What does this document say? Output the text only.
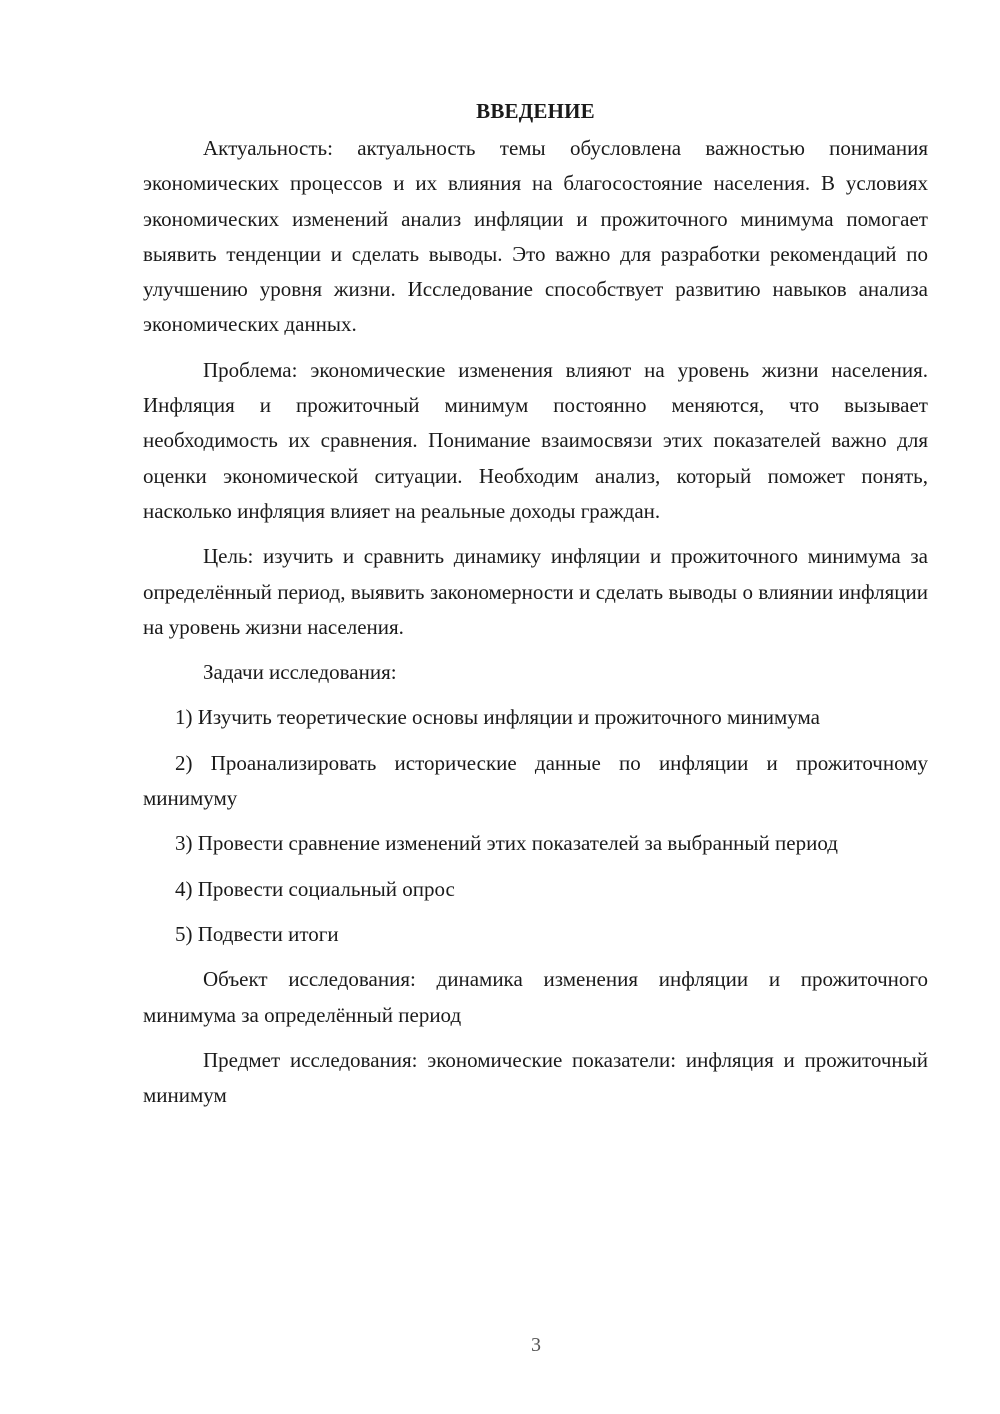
ВВЕДЕНИЕ

Актуальность: актуальность темы обусловлена важностью понимания экономических процессов и их влияния на благосостояние населения. В условиях экономических изменений анализ инфляции и прожиточного минимума помогает выявить тенденции и сделать выводы. Это важно для разработки рекомендаций по улучшению уровня жизни. Исследование способствует развитию навыков анализа экономических данных.

Проблема: экономические изменения влияют на уровень жизни населения. Инфляция и прожиточный минимум постоянно меняются, что вызывает необходимость их сравнения. Понимание взаимосвязи этих показателей важно для оценки экономической ситуации. Необходим анализ, который поможет понять, насколько инфляция влияет на реальные доходы граждан.

Цель: изучить и сравнить динамику инфляции и прожиточного минимума за определённый период, выявить закономерности и сделать выводы о влиянии инфляции на уровень жизни населения.

Задачи исследования:

1) Изучить теоретические основы инфляции и прожиточного минимума

2) Проанализировать исторические данные по инфляции и прожиточному минимуму

3) Провести сравнение изменений этих показателей за выбранный период

4) Провести социальный опрос

5) Подвести итоги

Объект исследования: динамика изменения инфляции и прожиточного минимума за определённый период

Предмет исследования: экономические показатели: инфляция и прожиточный минимум

3
